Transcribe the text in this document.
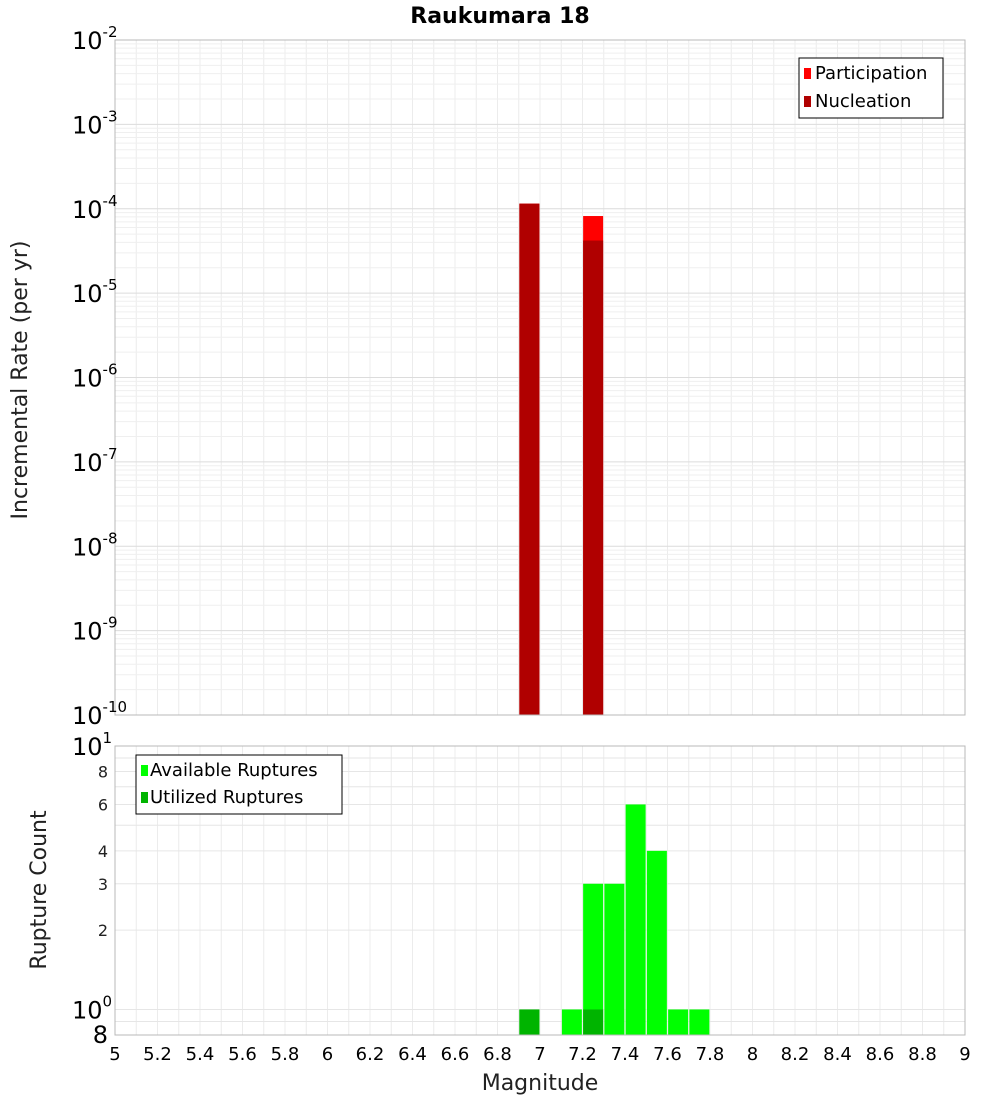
Raukumara 18
$10^{-2}$
$10^{-3}$
$10^{-4}$
$10^{-5}$
$10^{-6}$
$10^{-7}$
$10^{-8}$
$10^{-9}$
$10^{-10}$
Participation
Nucleation
2
3
4
6
8
$10^1$
$10^0$
8
Available Ruptures
Utilized Ruptures
5 5.2 5.4 5.6 5.8 6 6.2 6.4 6.6 6.8 7 7.2 7.4 7.6 7.8 8 8.2 8.4 8.6 8.8 9
Incremental Rate (per yr)
Rupture Count
Magnitude
